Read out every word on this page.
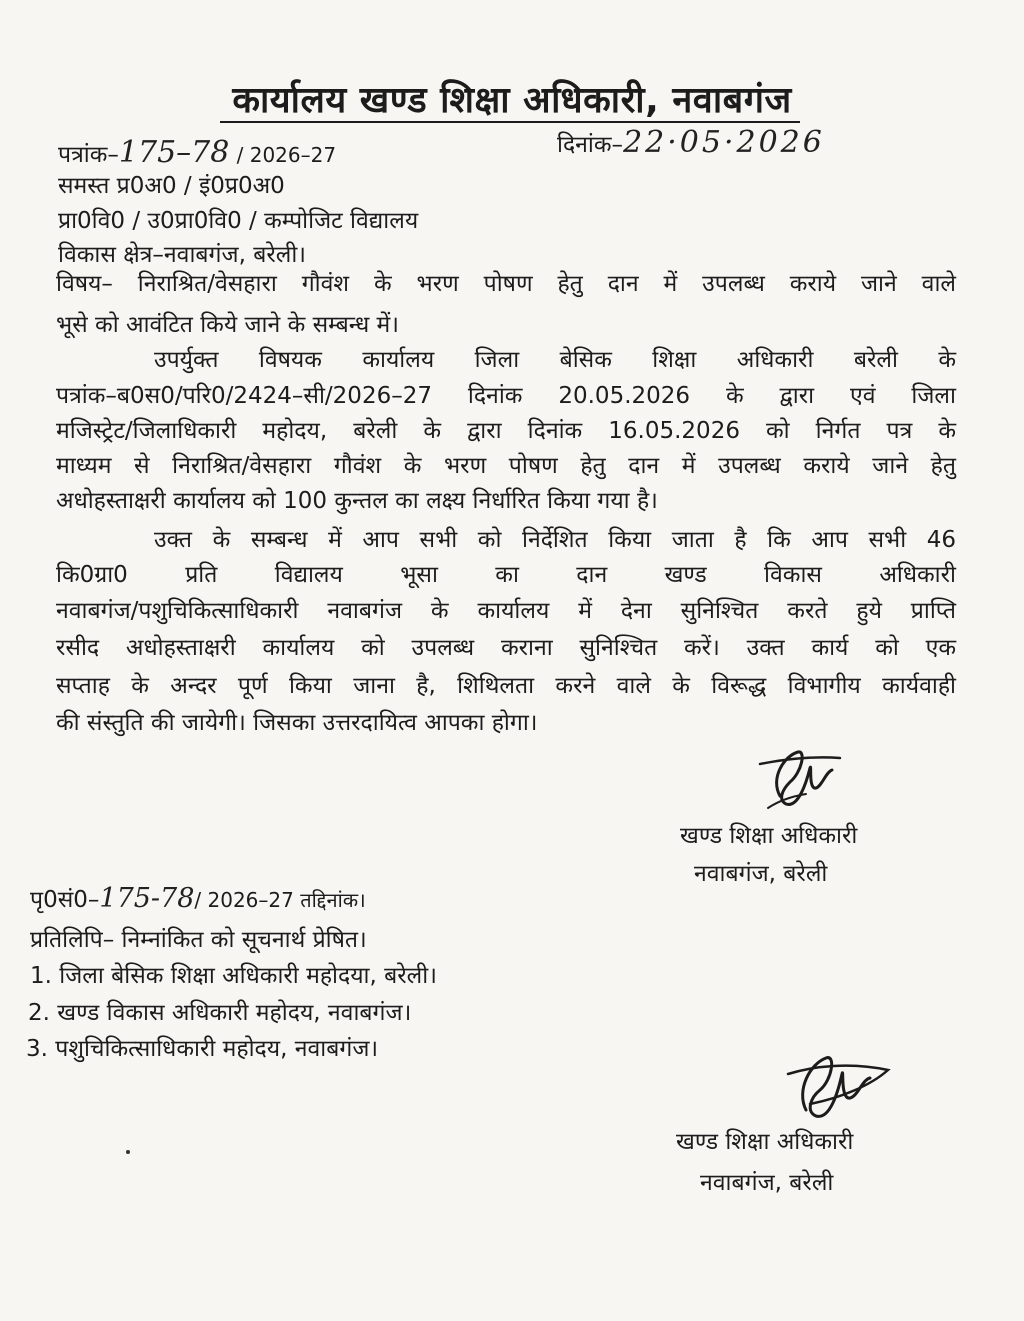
कार्यालय खण्ड शिक्षा अधिकारी, नवाबगंज
पत्रांक–175–78 / 2026–27	दिनांक–22·05·2026
समस्त प्र0अ0 / इं0प्र0अ0
प्रा0वि0 / उ0प्रा0वि0 / कम्पोजिट विद्यालय
विकास क्षेत्र–नवाबगंज, बरेली।
विषय– निराश्रित/वेसहारा गौवंश के भरण पोषण हेतु दान में उपलब्ध कराये जाने वाले
भूसे को आवंटित किये जाने के सम्बन्ध में।
उपर्युक्त विषयक कार्यालय जिला बेसिक शिक्षा अधिकारी बरेली के
पत्रांक–ब0स0/परि0/2424–सी/2026–27 दिनांक 20.05.2026 के द्वारा एवं जिला
मजिस्ट्रेट/जिलाधिकारी महोदय, बरेली के द्वारा दिनांक 16.05.2026 को निर्गत पत्र के
माध्यम से निराश्रित/वेसहारा गौवंश के भरण पोषण हेतु दान में उपलब्ध कराये जाने हेतु
अधोहस्ताक्षरी कार्यालय को 100 कुन्तल का लक्ष्य निर्धारित किया गया है।
उक्त के सम्बन्ध में आप सभी को निर्देशित किया जाता है कि आप सभी 46
कि0ग्रा0 प्रति विद्यालय भूसा का दान खण्ड विकास अधिकारी
नवाबगंज/पशुचिकित्साधिकारी नवाबगंज के कार्यालय में देना सुनिश्चित करते हुये प्राप्ति
रसीद अधोहस्ताक्षरी कार्यालय को उपलब्ध कराना सुनिश्चित करें। उक्त कार्य को एक
सप्ताह के अन्दर पूर्ण किया जाना है, शिथिलता करने वाले के विरूद्ध विभागीय कार्यवाही
की संस्तुति की जायेगी। जिसका उत्तरदायित्व आपका होगा।
खण्ड शिक्षा अधिकारी
नवाबगंज, बरेली
पृ0सं0–175-78/ 2026–27 तद्दिनांक।
प्रतिलिपि– निम्नांकित को सूचनार्थ प्रेषित।
1. जिला बेसिक शिक्षा अधिकारी महोदया, बरेली।
2. खण्ड विकास अधिकारी महोदय, नवाबगंज।
3. पशुचिकित्साधिकारी महोदय, नवाबगंज।
खण्ड शिक्षा अधिकारी
नवाबगंज, बरेली
